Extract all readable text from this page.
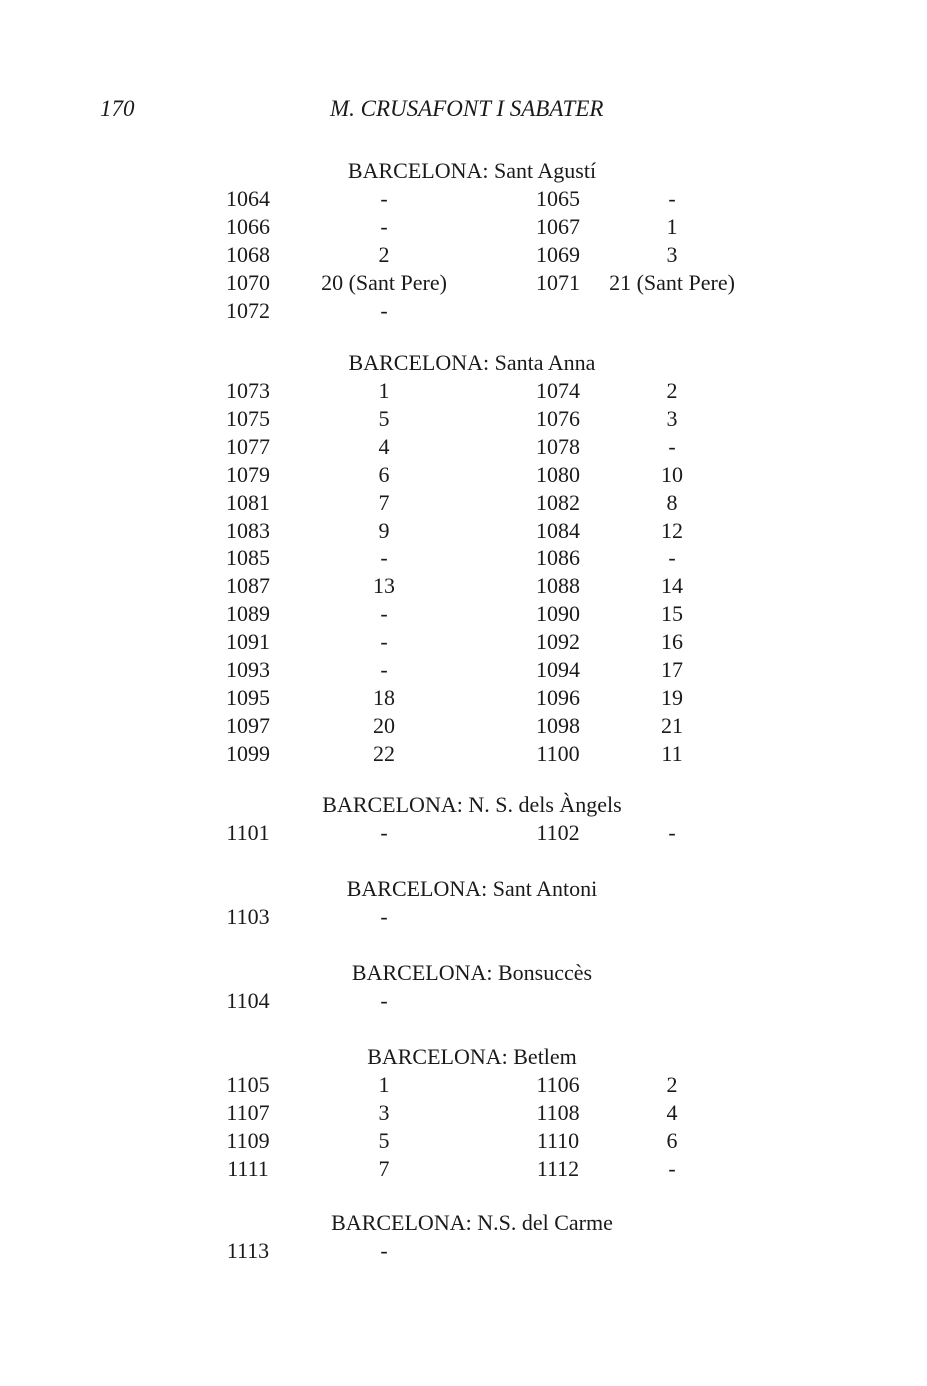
170	M. CRUSAFONT I SABATER
BARCELONA: Sant Agustí
1064	-	1065	-
1066	-	1067	1
1068	2	1069	3
1070 20 (Sant Pere)	1071 21 (Sant Pere)
1072	-
BARCELONA: Santa Anna
1073	1	1074	2
1075	5	1076	3
1077	4	1078	-
1079	6	1080	10
1081	7	1082	8
1083	9	1084	12
1085	-	1086	-
1087	13	1088	14
1089	-	1090	15
1091	-	1092	16
1093	-	1094	17
1095	18	1096	19
1097	20	1098	21
1099	22	1100	11
BARCELONA: N. S. dels Àngels
1101	-	1102	-
BARCELONA: Sant Antoni
1103	-
BARCELONA: Bonsuccès
1104	-
BARCELONA: Betlem
1105	1	1106	2
1107	3	1108	4
1109	5	1110	6
1111	7	1112	-
BARCELONA: N.S. del Carme
1113	-
